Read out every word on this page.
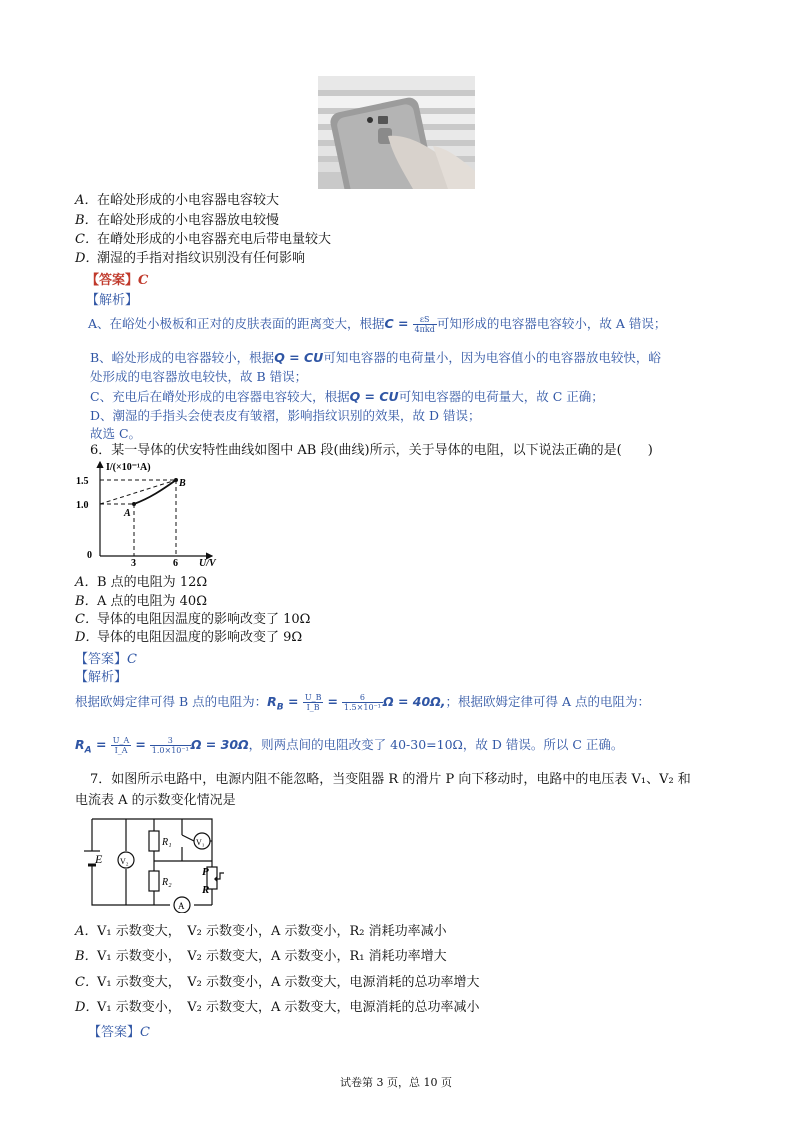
A．在峪处形成的小电容器电容较大
B．在峪处形成的小电容器放电较慢
C．在嵴处形成的小电容器充电后带电量较大
D．潮湿的手指对指纹识别没有任何影响
【答案】C
【解析】
A、在峪处小极板和正对的皮肤表面的距离变大，根据$C = \frac{\varepsilon S}{\text{4πkd}}$ 可知形成的电容器电容较小，故 A 错误；
B、峪处形成的电容器较小，根据Q = CU可知电容器的电荷量小，因为电容值小的电容器放电较快，峪
处形成的电容器放电较快，故 B 错误；
C、充电后在嵴处形成的电容器电容较大，根据Q = CU可知电容器的电荷量大，故 C 正确；
D、潮湿的手指头会使表皮有皱褶，影响指纹识别的效果，故 D 错误；
故选 C。
6．某一导体的伏安特性曲线如图中 AB 段(曲线)所示，关于导体的电阻，以下说法正确的是(　　)
I/(×10⁻¹A)
U/V
1.5
1.0
0
3	6
A
B
A．B 点的电阻为 12Ω
B．A 点的电阻为 40Ω
C．导体的电阻因温度的影响改变了 10Ω
D．导体的电阻因温度的影响改变了 9Ω
【答案】C
【解析】
根据欧姆定律可得 B 点的电阻为：$R_B = \frac{U\_B}{I\_B} = \frac{6}{\text{1.5×10⁻¹}}$ Ω = 40Ω,；根据欧姆定律可得 A 点的电阻为：
$R_A = \frac{U\_A}{I\_A} = \frac{3}{\text{1.0×10⁻¹}}$ Ω = 30Ω，则两点间的电阻改变了 40-30=10Ω，故 D 错误。所以 C 正确。
7．如图所示电路中，电源内阻不能忽略，当变阻器 R 的滑片 P 向下移动时，电路中的电压表 V₁、V₂ 和
电流表 A 的示数变化情况是
E V₂
V₁
R₁
R₂
P
R
A
A．V₁ 示数变大，　V₂ 示数变小，A 示数变小，R₂ 消耗功率减小
B．V₁ 示数变小，　V₂ 示数变大，A 示数变小，R₁ 消耗功率增大
C．V₁ 示数变大，　V₂ 示数变小，A 示数变大，电源消耗的总功率增大
D．V₁ 示数变小，　V₂ 示数变大，A 示数变大，电源消耗的总功率减小
【答案】C
试卷第 3 页，总 10 页
